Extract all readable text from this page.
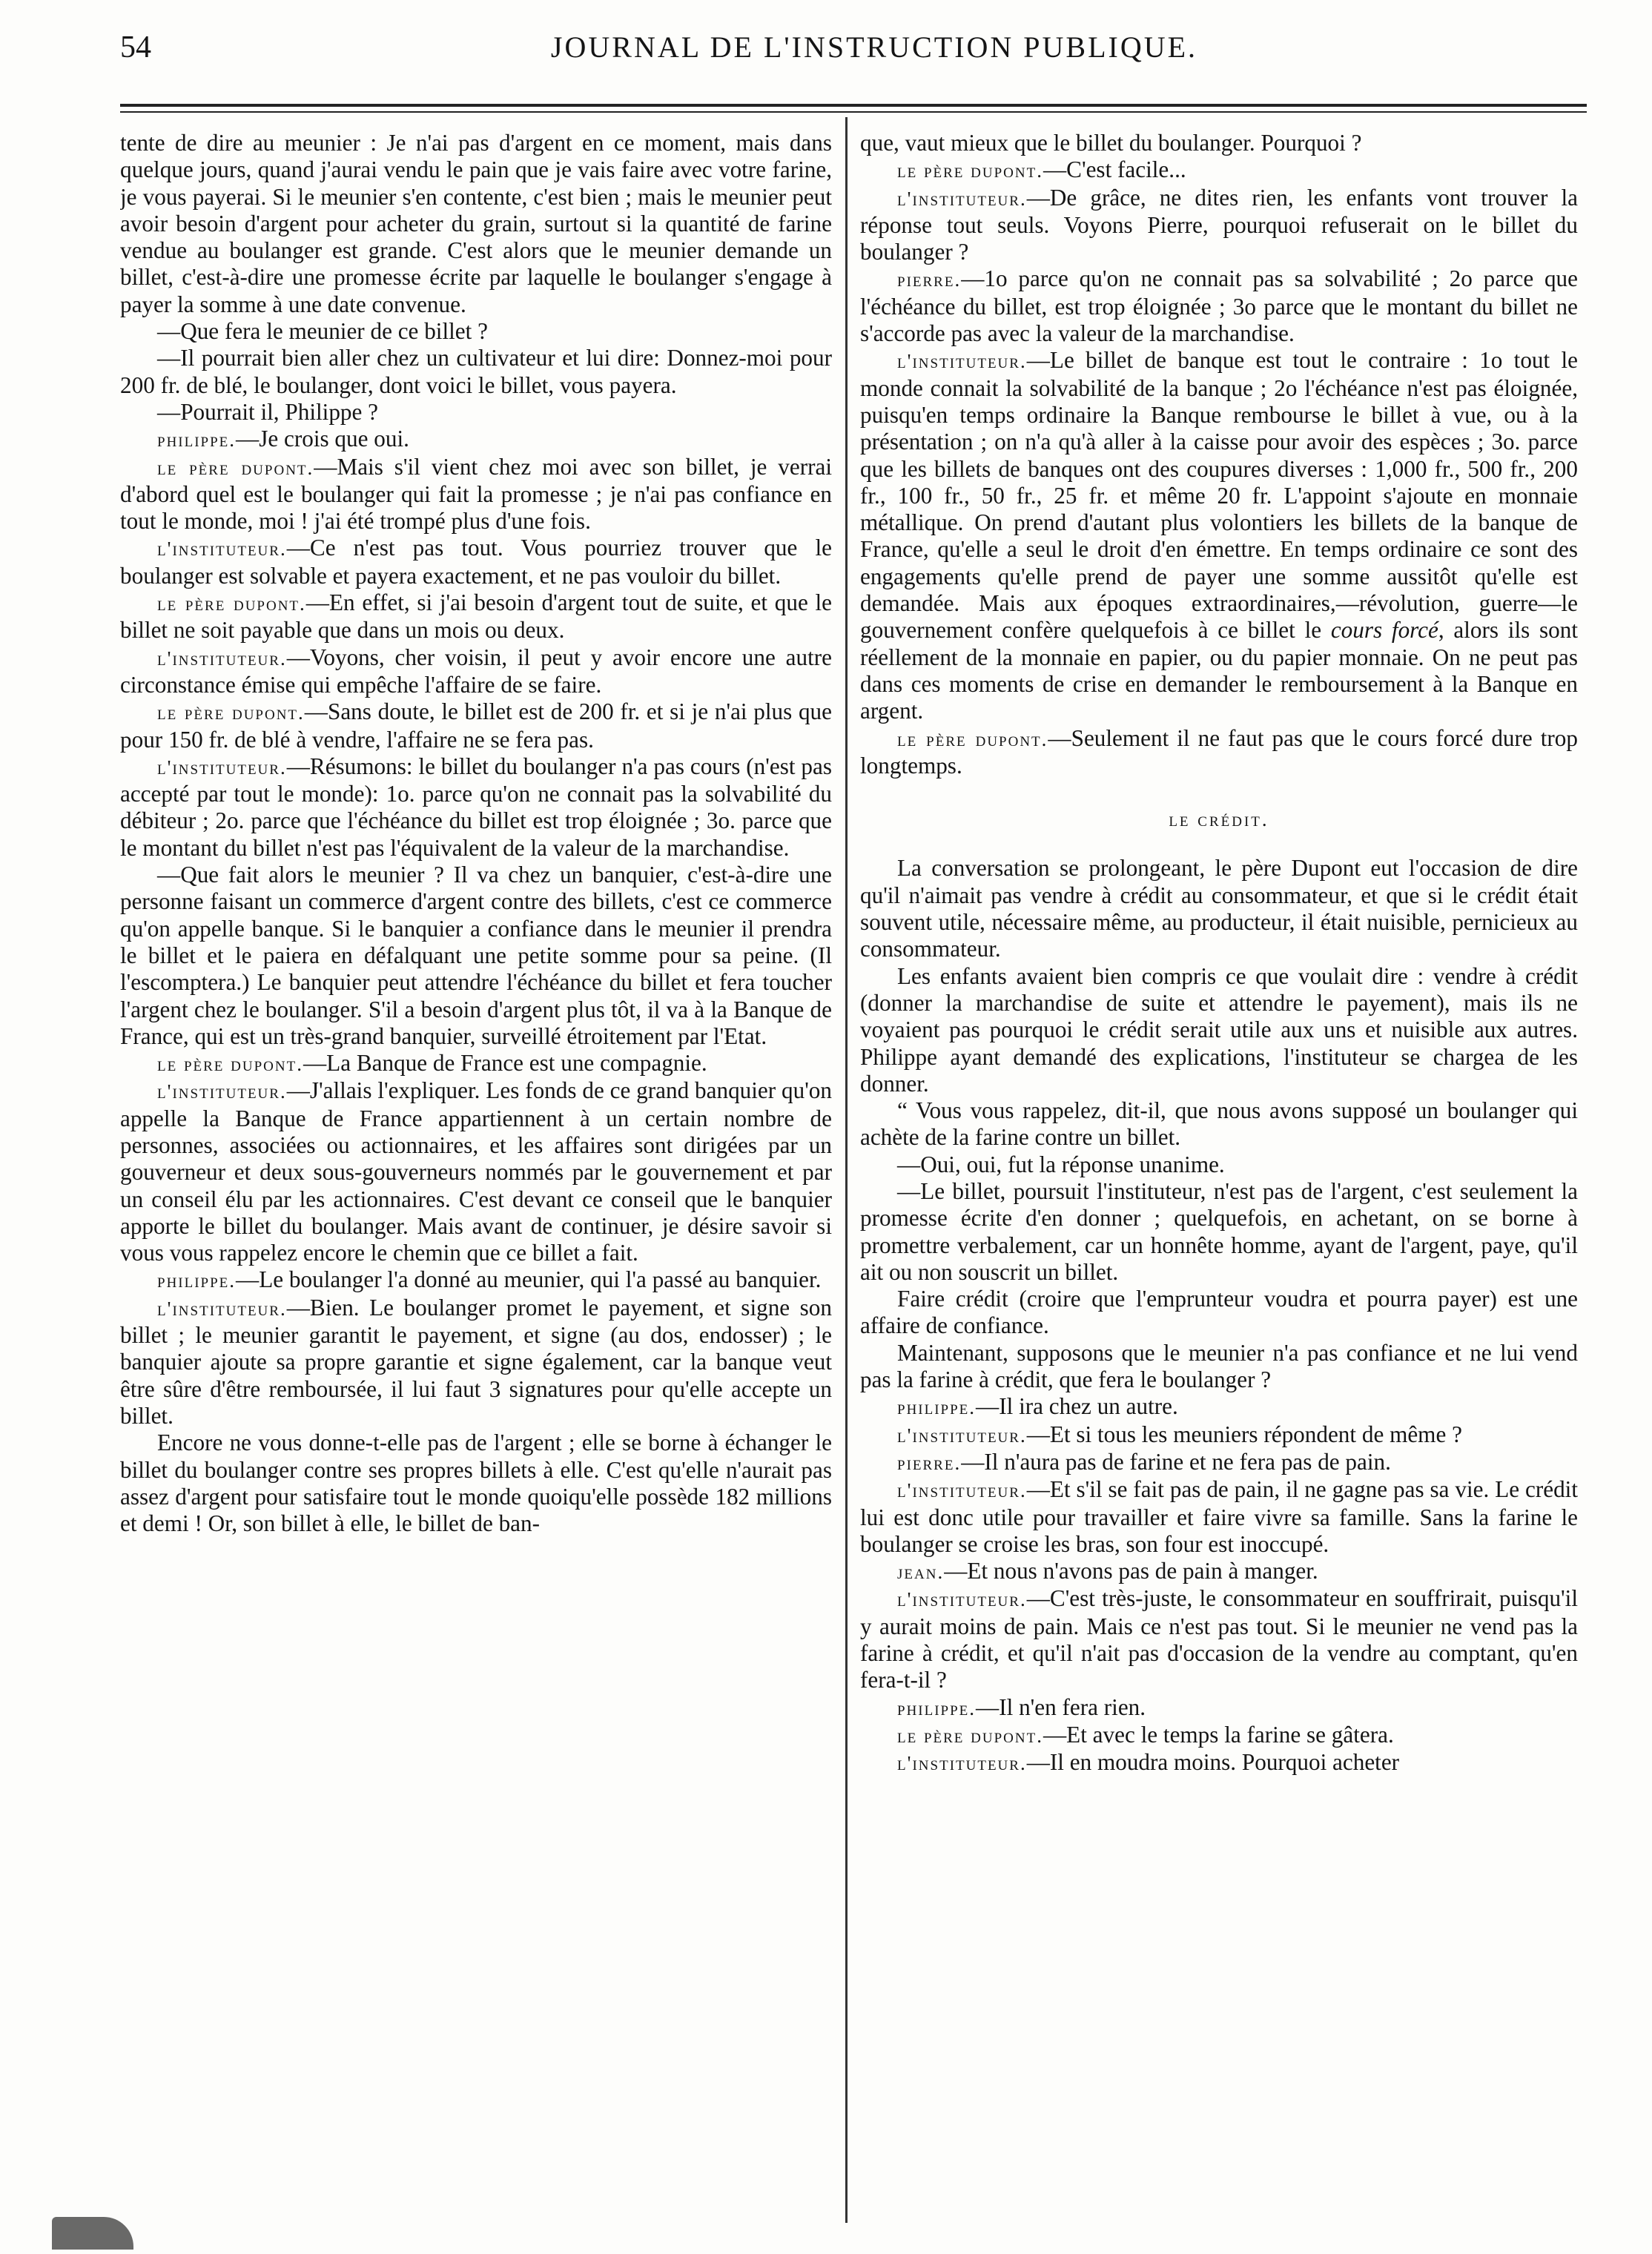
54	JOURNAL DE L'INSTRUCTION PUBLIQUE.

tente de dire au meunier : Je n'ai pas d'argent en ce moment, mais dans quelque jours, quand j'aurai vendu le pain que je vais faire avec votre farine, je vous payerai. Si le meunier s'en contente, c'est bien ; mais le meunier peut avoir besoin d'argent pour acheter du grain, surtout si la quantité de farine vendue au boulanger est grande. C'est alors que le meunier demande un billet, c'est-à-dire une promesse écrite par laquelle le boulanger s'engage à payer la somme à une date convenue.

—Que fera le meunier de ce billet ?

—Il pourrait bien aller chez un cultivateur et lui dire: Donnez-moi pour 200 fr. de blé, le boulanger, dont voici le billet, vous payera.

—Pourrait il, Philippe ?

philippe.—Je crois que oui.

le père dupont.—Mais s'il vient chez moi avec son billet, je verrai d'abord quel est le boulanger qui fait la promesse ; je n'ai pas confiance en tout le monde, moi ! j'ai été trompé plus d'une fois.

l'instituteur.—Ce n'est pas tout. Vous pourriez trouver que le boulanger est solvable et payera exactement, et ne pas vouloir du billet.

le père dupont.—En effet, si j'ai besoin d'argent tout de suite, et que le billet ne soit payable que dans un mois ou deux.

l'instituteur.—Voyons, cher voisin, il peut y avoir encore une autre circonstance émise qui empêche l'affaire de se faire.

le père dupont.—Sans doute, le billet est de 200 fr. et si je n'ai plus que pour 150 fr. de blé à vendre, l'affaire ne se fera pas.

l'instituteur.—Résumons: le billet du boulanger n'a pas cours (n'est pas accepté par tout le monde): 1o. parce qu'on ne connait pas la solvabilité du débiteur ; 2o. parce que l'échéance du billet est trop éloignée ; 3o. parce que le montant du billet n'est pas l'équivalent de la valeur de la marchandise.

—Que fait alors le meunier ? Il va chez un banquier, c'est-à-dire une personne faisant un commerce d'argent contre des billets, c'est ce commerce qu'on appelle banque. Si le banquier a confiance dans le meunier il prendra le billet et le paiera en défalquant une petite somme pour sa peine. (Il l'escomptera.) Le banquier peut attendre l'échéance du billet et fera toucher l'argent chez le boulanger. S'il a besoin d'argent plus tôt, il va à la Banque de France, qui est un très-grand banquier, surveillé étroitement par l'Etat.

le père dupont.—La Banque de France est une compagnie.

l'instituteur.—J'allais l'expliquer. Les fonds de ce grand banquier qu'on appelle la Banque de France appartiennent à un certain nombre de personnes, associées ou actionnaires, et les affaires sont dirigées par un gouverneur et deux sous-gouverneurs nommés par le gouvernement et par un conseil élu par les actionnaires. C'est devant ce conseil que le banquier apporte le billet du boulanger. Mais avant de continuer, je désire savoir si vous vous rappelez encore le chemin que ce billet a fait.

philippe.—Le boulanger l'a donné au meunier, qui l'a passé au banquier.

l'instituteur.—Bien. Le boulanger promet le payement, et signe son billet ; le meunier garantit le payement, et signe (au dos, endosser) ; le banquier ajoute sa propre garantie et signe également, car la banque veut être sûre d'être remboursée, il lui faut 3 signatures pour qu'elle accepte un billet.

Encore ne vous donne-t-elle pas de l'argent ; elle se borne à échanger le billet du boulanger contre ses propres billets à elle. C'est qu'elle n'aurait pas assez d'argent pour satisfaire tout le monde quoiqu'elle possède 182 millions et demi ! Or, son billet à elle, le billet de ban-

que, vaut mieux que le billet du boulanger. Pourquoi ?

le père dupont.—C'est facile...

l'instituteur.—De grâce, ne dites rien, les enfants vont trouver la réponse tout seuls. Voyons Pierre, pourquoi refuserait on le billet du boulanger ?

pierre.—1o parce qu'on ne connait pas sa solvabilité ; 2o parce que l'échéance du billet, est trop éloignée ; 3o parce que le montant du billet ne s'accorde pas avec la valeur de la marchandise.

l'instituteur.—Le billet de banque est tout le contraire : 1o tout le monde connait la solvabilité de la banque ; 2o l'échéance n'est pas éloignée, puisqu'en temps ordinaire la Banque rembourse le billet à vue, ou à la présentation ; on n'a qu'à aller à la caisse pour avoir des espèces ; 3o. parce que les billets de banques ont des coupures diverses : 1,000 fr., 500 fr., 200 fr., 100 fr., 50 fr., 25 fr. et même 20 fr. L'appoint s'ajoute en monnaie métallique. On prend d'autant plus volontiers les billets de la banque de France, qu'elle a seul le droit d'en émettre. En temps ordinaire ce sont des engagements qu'elle prend de payer une somme aussitôt qu'elle est demandée. Mais aux époques extraordinaires,—révolution, guerre—le gouvernement confère quelquefois à ce billet le cours forcé, alors ils sont réellement de la monnaie en papier, ou du papier monnaie. On ne peut pas dans ces moments de crise en demander le remboursement à la Banque en argent.

le père dupont.—Seulement il ne faut pas que le cours forcé dure trop longtemps.

le crédit.

La conversation se prolongeant, le père Dupont eut l'occasion de dire qu'il n'aimait pas vendre à crédit au consommateur, et que si le crédit était souvent utile, nécessaire même, au producteur, il était nuisible, pernicieux au consommateur.

Les enfants avaient bien compris ce que voulait dire : vendre à crédit (donner la marchandise de suite et attendre le payement), mais ils ne voyaient pas pourquoi le crédit serait utile aux uns et nuisible aux autres. Philippe ayant demandé des explications, l'instituteur se chargea de les donner.

“ Vous vous rappelez, dit-il, que nous avons supposé un boulanger qui achète de la farine contre un billet.

—Oui, oui, fut la réponse unanime.

—Le billet, poursuit l'instituteur, n'est pas de l'argent, c'est seulement la promesse écrite d'en donner ; quelquefois, en achetant, on se borne à promettre verbalement, car un honnête homme, ayant de l'argent, paye, qu'il ait ou non souscrit un billet.

Faire crédit (croire que l'emprunteur voudra et pourra payer) est une affaire de confiance.

Maintenant, supposons que le meunier n'a pas confiance et ne lui vend pas la farine à crédit, que fera le boulanger ?

philippe.—Il ira chez un autre.

l'instituteur.—Et si tous les meuniers répondent de même ?

pierre.—Il n'aura pas de farine et ne fera pas de pain.

l'instituteur.—Et s'il se fait pas de pain, il ne gagne pas sa vie. Le crédit lui est donc utile pour travailler et faire vivre sa famille. Sans la farine le boulanger se croise les bras, son four est inoccupé.

jean.—Et nous n'avons pas de pain à manger.

l'instituteur.—C'est très-juste, le consommateur en souffrirait, puisqu'il y aurait moins de pain. Mais ce n'est pas tout. Si le meunier ne vend pas la farine à crédit, et qu'il n'ait pas d'occasion de la vendre au comptant, qu'en fera-t-il ?

philippe.—Il n'en fera rien.

le père dupont.—Et avec le temps la farine se gâtera.

l'instituteur.—Il en moudra moins. Pourquoi acheter
